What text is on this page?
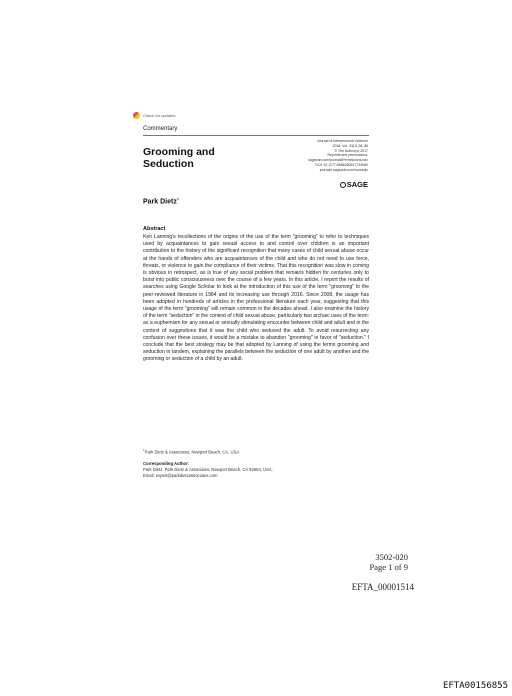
Check for updates
Commentary
Grooming and
Seduction
Journal of Interpersonal Violence
2018, Vol. 33(1) 28–36
© The Author(s) 2017
Reprints and permissions:
sagepub.com/journalsPermissions.nav
DOI: 10.1177/0886260517743060
journals.sagepub.com/home/jiv
SAGE
Park Dietz$^1$
Abstract

Ken Lanning's recollections of the origins of the use of the term "grooming" to refer to techniques used by acquaintances to gain sexual access to and control over children is an important contribution to the history of the significant recognition that many cases of child sexual abuse occur at the hands of offenders who are acquaintances of the child and who do not need to use force, threats, or violence to gain the compliance of their victims. That this recognition was slow in coming is obvious in retrospect, as is true of any social problem that remains hidden for centuries only to burst into public consciousness over the course of a few years. In this article, I report the results of searches using Google Scholar to look at the introduction of this use of the term "grooming" to the peer-reviewed literature in 1984 and its increasing use through 2016. Since 2008, the usage has been adopted in hundreds of articles in the professional literature each year, suggesting that this usage of the term "grooming" will remain common in the decades ahead. I also examine the history of the term "seduction" in the context of child sexual abuse, particularly two archaic uses of the term: as a euphemism for any sexual or sexually stimulating encounter between child and adult and in the context of suggestions that it was the child who seduced the adult. To avoid resurrecting any confusion over these issues, it would be a mistake to abandon "grooming" in favor of "seduction." I conclude that the best strategy may be that adopted by Lanning of using the terms grooming and seduction in tandem, explaining the parallels between the seduction of one adult by another and the grooming or seduction of a child by an adult.

$^1$Park Dietz & Associates, Newport Beach, CA, USA
Corresponding Author:
Park Dietz, Park Dietz & Associates, Newport Beach, CA 92663, USA.
Email: expert@parkdietzassociates.com
3502-020
Page 1 of 9
EFTA_00001514
EFTA00156855
